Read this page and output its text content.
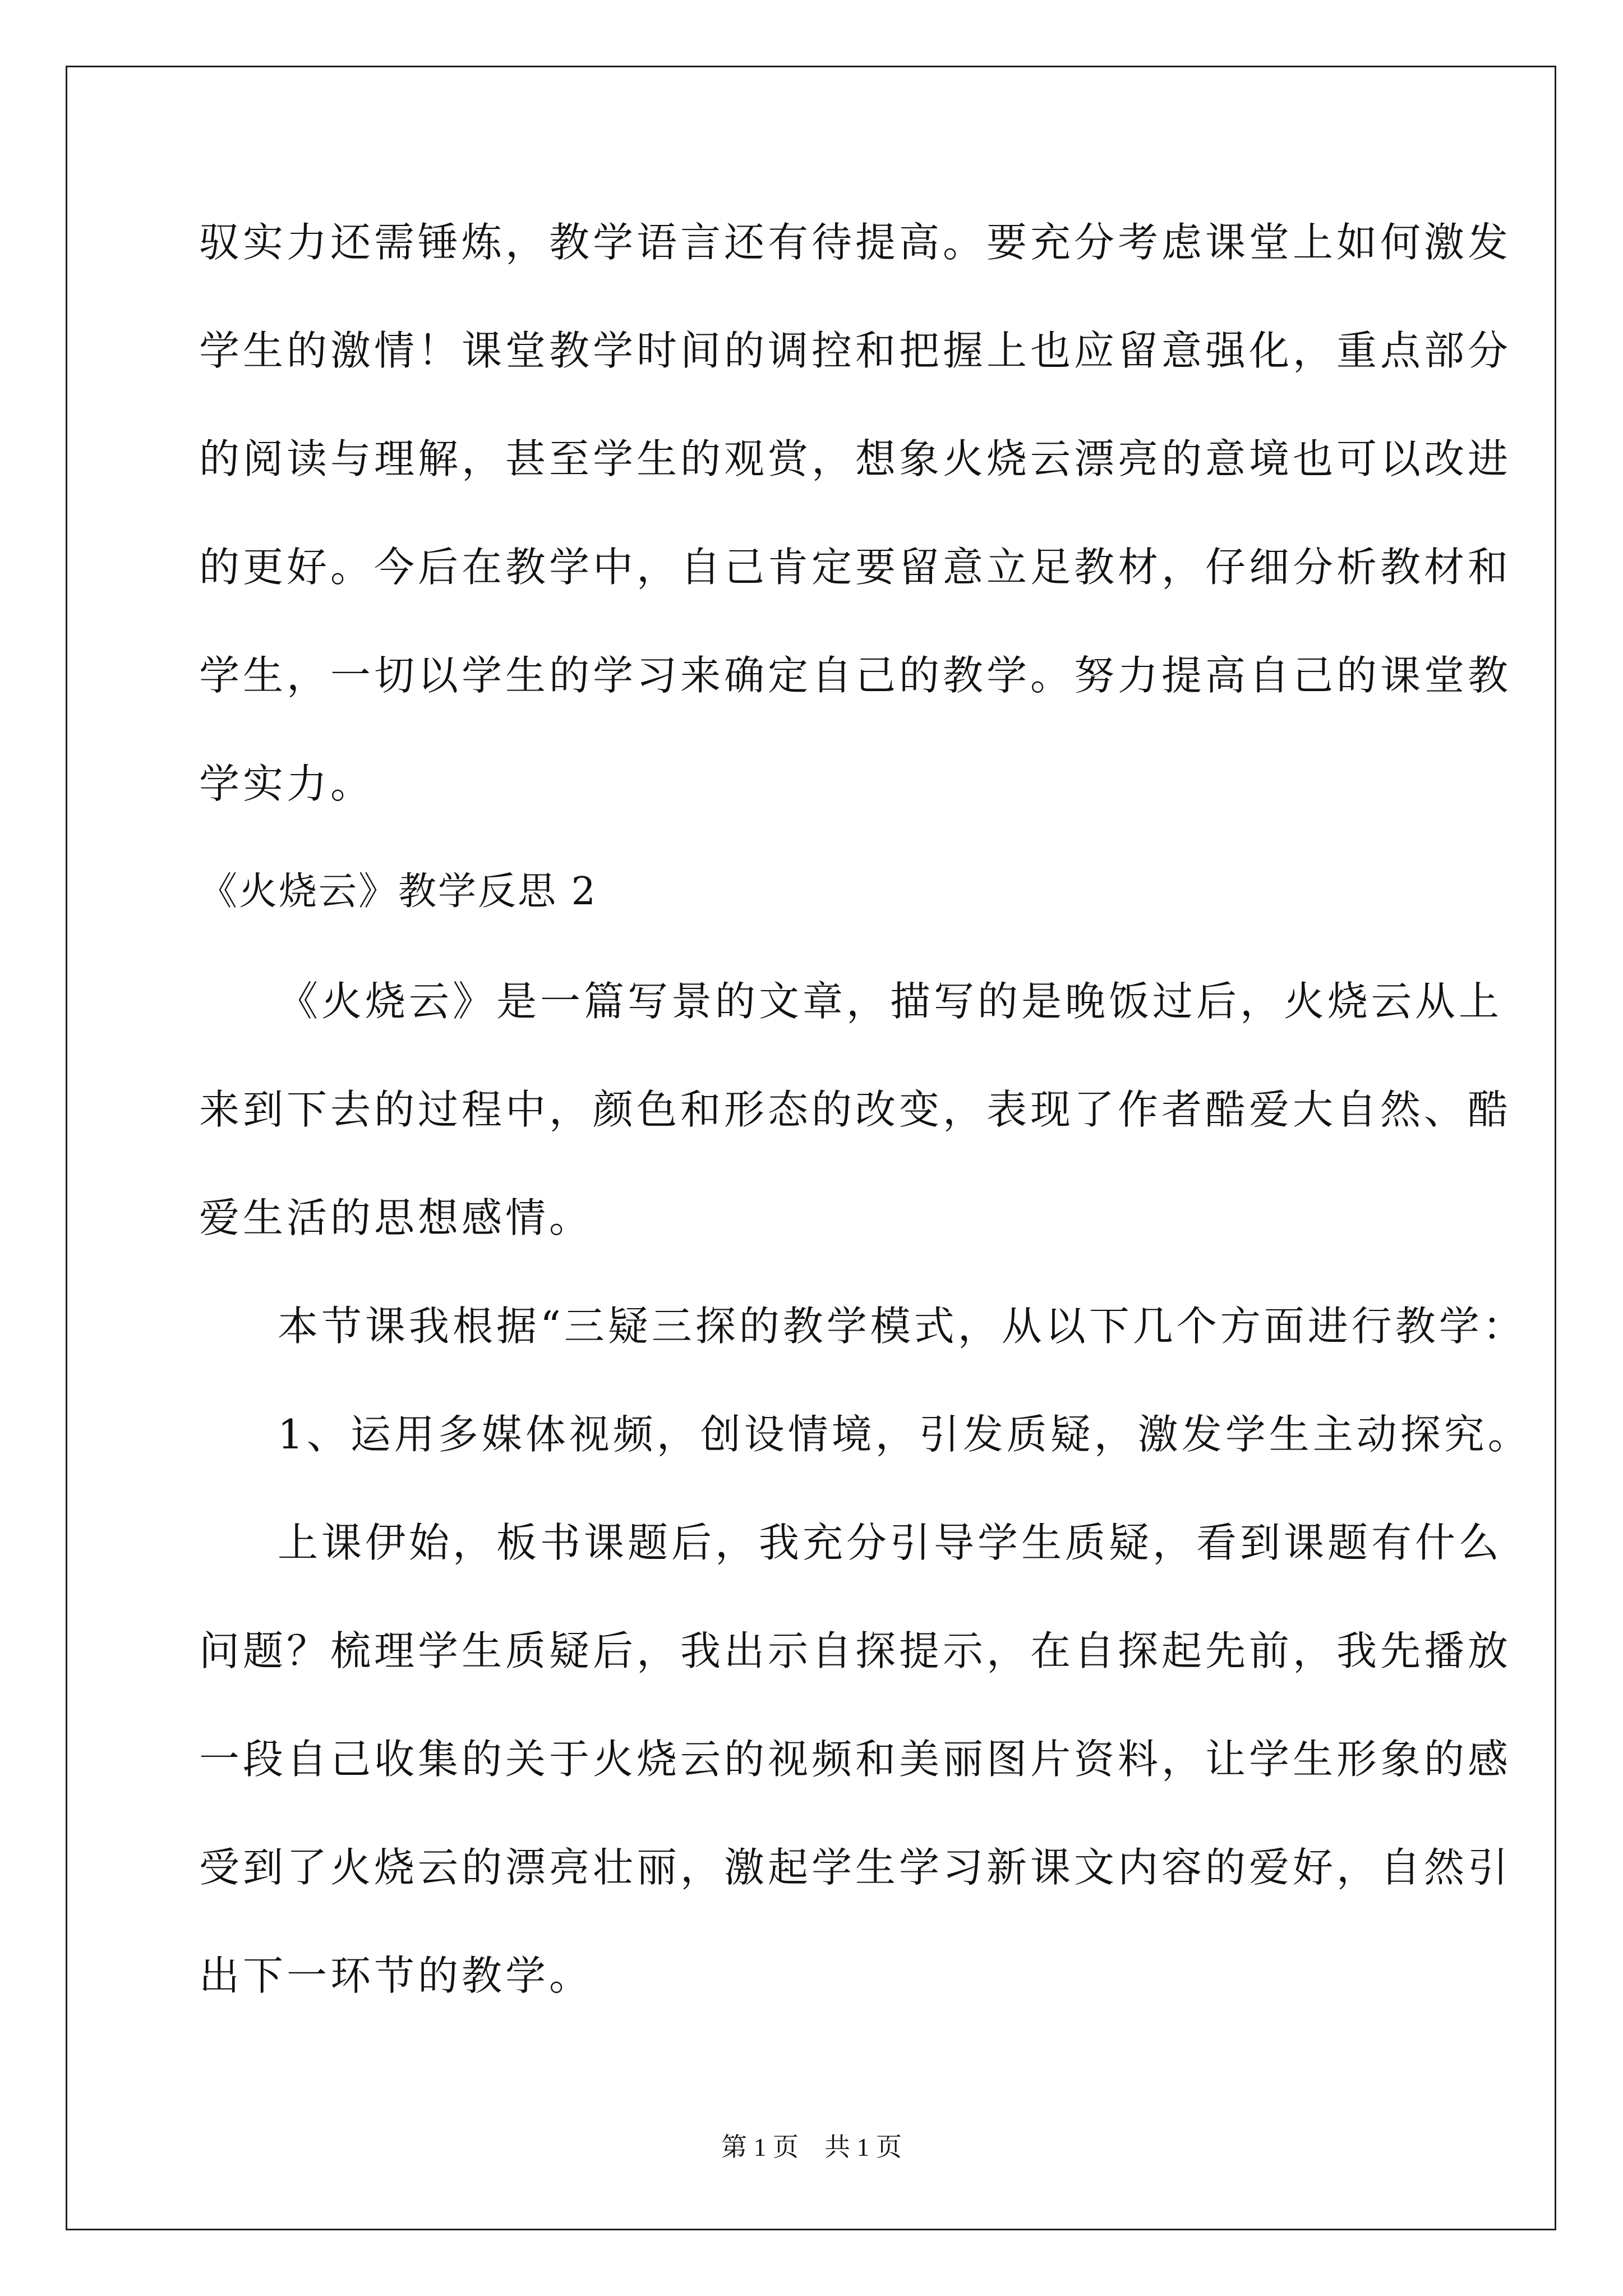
驭实力还需锤炼，教学语言还有待提高。要充分考虑课堂上如何激发
学生的激情！课堂教学时间的调控和把握上也应留意强化，重点部分
的阅读与理解，甚至学生的观赏，想象火烧云漂亮的意境也可以改进
的更好。今后在教学中，自己肯定要留意立足教材，仔细分析教材和
学生，一切以学生的学习来确定自己的教学。努力提高自己的课堂教
学实力。
《火烧云》教学反思 2
《火烧云》是一篇写景的文章，描写的是晚饭过后，火烧云从上
来到下去的过程中，颜色和形态的改变，表现了作者酷爱大自然、酷
爱生活的思想感情。
本节课我根据“三疑三探的教学模式，从以下几个方面进行教学：
1、运用多媒体视频，创设情境，引发质疑，激发学生主动探究。
上课伊始，板书课题后，我充分引导学生质疑，看到课题有什么
问题？梳理学生质疑后，我出示自探提示，在自探起先前，我先播放
一段自己收集的关于火烧云的视频和美丽图片资料，让学生形象的感
受到了火烧云的漂亮壮丽，激起学生学习新课文内容的爱好，自然引
出下一环节的教学。
第 1 页　共 1 页
